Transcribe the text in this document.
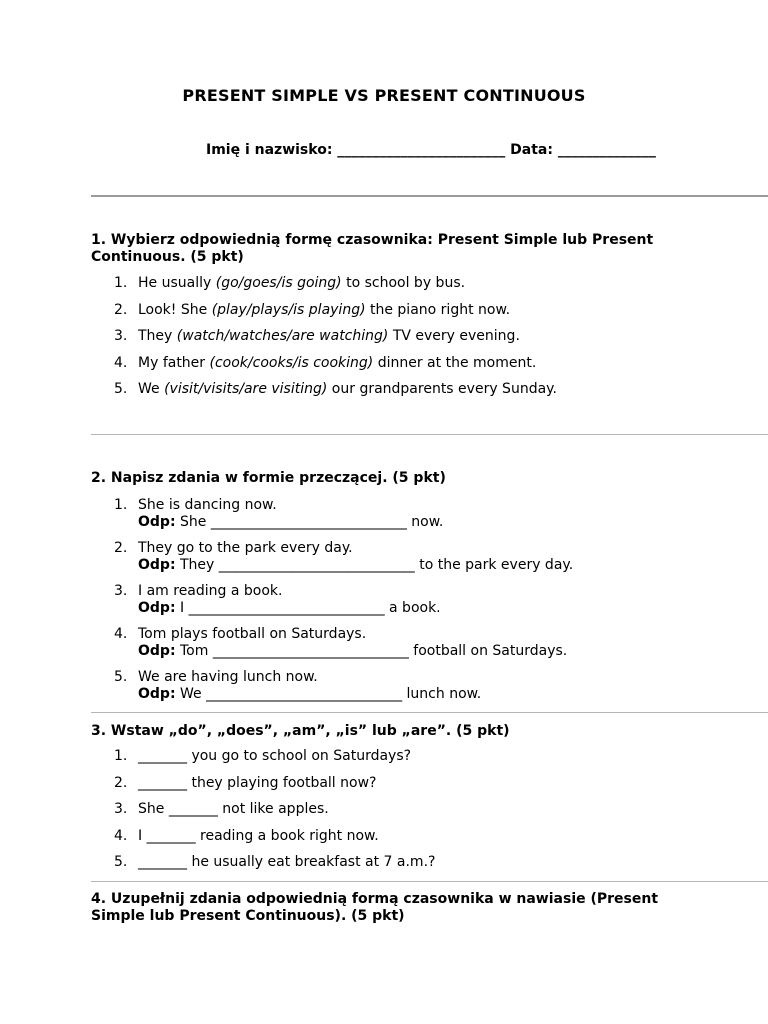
PRESENT SIMPLE VS PRESENT CONTINUOUS
Imię i nazwisko: ________________________ Data: ______________
1. Wybierz odpowiednią formę czasownika: Present Simple lub Present Continuous. (5 pkt)
1. He usually (go/goes/is going) to school by bus.
2. Look! She (play/plays/is playing) the piano right now.
3. They (watch/watches/are watching) TV every evening.
4. My father (cook/cooks/is cooking) dinner at the moment.
5. We (visit/visits/are visiting) our grandparents every Sunday.
2. Napisz zdania w formie przeczącej. (5 pkt)
1. She is dancing now.
Odp: She ____________________________ now.
2. They go to the park every day.
Odp: They ____________________________ to the park every day.
3. I am reading a book.
Odp: I ____________________________ a book.
4. Tom plays football on Saturdays.
Odp: Tom ____________________________ football on Saturdays.
5. We are having lunch now.
Odp: We ____________________________ lunch now.
3. Wstaw „do”, „does”, „am”, „is” lub „are”. (5 pkt)
1. _______ you go to school on Saturdays?
2. _______ they playing football now?
3. She _______ not like apples.
4. I _______ reading a book right now.
5. _______ he usually eat breakfast at 7 a.m.?
4. Uzupełnij zdania odpowiednią formą czasownika w nawiasie (Present Simple lub Present Continuous). (5 pkt)
